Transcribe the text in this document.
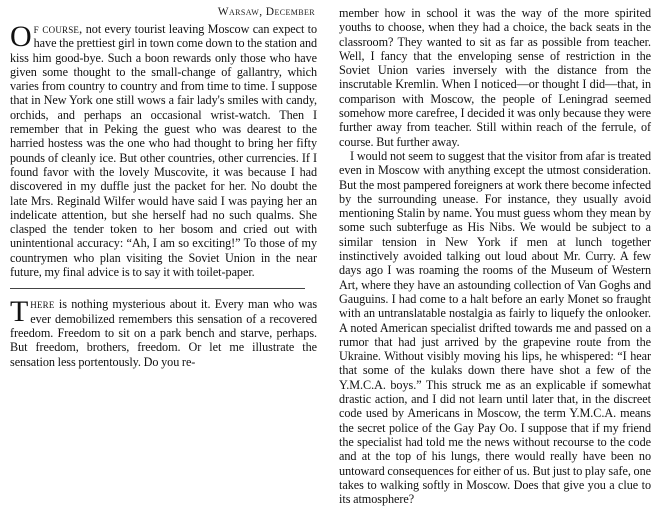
Warsaw, December

Of course, not every tourist leaving Moscow can expect to have the prettiest girl in town come down to the station and kiss him good-bye. Such a boon rewards only those who have given some thought to the small-change of gallantry, which varies from country to country and from time to time. I suppose that in New York one still wows a fair lady's smiles with candy, orchids, and perhaps an occasional wrist-watch. Then I remember that in Peking the guest who was dearest to the harried hostess was the one who had thought to bring her fifty pounds of cleanly ice. But other countries, other currencies. If I found favor with the lovely Muscovite, it was because I had discovered in my duffle just the packet for her. No doubt the late Mrs. Reginald Wilfer would have said I was paying her an indelicate attention, but she herself had no such qualms. She clasped the tender token to her bosom and cried out with unintentional accuracy: “Ah, I am so exciting!” To those of my countrymen who plan visiting the Soviet Union in the near future, my final advice is to say it with toilet-paper.

There is nothing mysterious about it. Every man who was ever demobilized remembers this sensation of a recovered freedom. Freedom to sit on a park bench and starve, perhaps. But freedom, brothers, freedom. Or let me illustrate the sensation less portentously. Do you re-

member how in school it was the way of the more spirited youths to choose, when they had a choice, the back seats in the classroom? They wanted to sit as far as possible from teacher. Well, I fancy that the enveloping sense of restriction in the Soviet Union varies inversely with the distance from the inscrutable Kremlin. When I noticed—or thought I did—that, in comparison with Moscow, the people of Leningrad seemed somehow more carefree, I decided it was only because they were further away from teacher. Still within reach of the ferrule, of course. But further away.

I would not seem to suggest that the visitor from afar is treated even in Moscow with anything except the utmost consideration. But the most pampered foreigners at work there become infected by the surrounding unease. For instance, they usually avoid mentioning Stalin by name. You must guess whom they mean by some such subterfuge as His Nibs. We would be subject to a similar tension in New York if men at lunch together instinctively avoided talking out loud about Mr. Curry. A few days ago I was roaming the rooms of the Museum of Western Art, where they have an astounding collection of Van Goghs and Gauguins. I had come to a halt before an early Monet so fraught with an untranslatable nostalgia as fairly to liquefy the onlooker. A noted American specialist drifted towards me and passed on a rumor that had just arrived by the grapevine route from the Ukraine. Without visibly moving his lips, he whispered: “I hear that some of the kulaks down there have shot a few of the Y.M.C.A. boys.” This struck me as an explicable if somewhat drastic action, and I did not learn until later that, in the discreet code used by Americans in Moscow, the term Y.M.C.A. means the secret police of the Gay Pay Oo. I suppose that if my friend the specialist had told me the news without recourse to the code and at the top of his lungs, there would really have been no untoward consequences for either of us. But just to play safe, one takes to walking softly in Moscow. Does that give you a clue to its atmosphere?
